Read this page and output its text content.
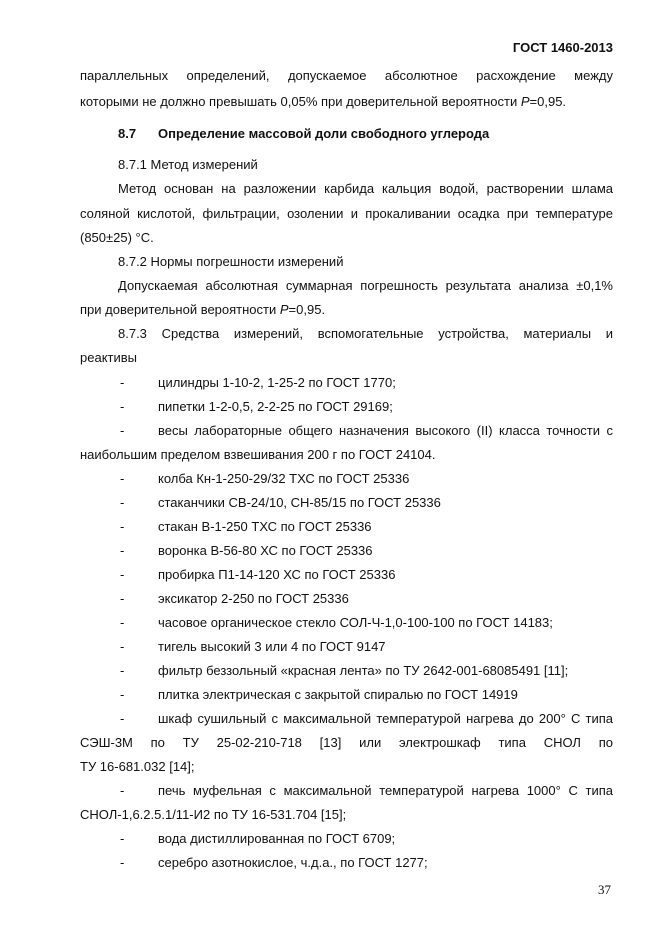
ГОСТ 1460-2013
параллельных определений, допускаемое абсолютное расхождение между
которыми не должно превышать 0,05% при доверительной вероятности P=0,95.
8.7 Определение массовой доли свободного углерода
8.7.1 Метод измерений
Метод основан на разложении карбида кальция водой, растворении шлама
соляной кислотой, фильтрации, озолении и прокаливании осадка при температуре
(850±25) °С.
8.7.2 Нормы погрешности измерений
Допускаемая абсолютная суммарная погрешность результата анализа ±0,1%
при доверительной вероятности P=0,95.
8.7.3 Средства измерений, вспомогательные устройства, материалы и
реактивы
-	цилиндры 1-10-2, 1-25-2 по ГОСТ 1770;
-	пипетки 1-2-0,5, 2-2-25 по ГОСТ 29169;
-	весы лабораторные общего назначения высокого (II) класса точности с
наибольшим пределом взвешивания 200 г по ГОСТ 24104.
-	колба Кн-1-250-29/32 ТХС по ГОСТ 25336
-	стаканчики СВ-24/10, СН-85/15 по ГОСТ 25336
-	стакан В-1-250 ТХС по ГОСТ 25336
-	воронка В-56-80 ХС по ГОСТ 25336
-	пробирка П1-14-120 ХС по ГОСТ 25336
-	эксикатор 2-250 по ГОСТ 25336
-	часовое органическое стекло СОЛ-Ч-1,0-100-100 по ГОСТ 14183;
-	тигель высокий 3 или 4 по ГОСТ 9147
-	фильтр беззольный «красная лента» по ТУ 2642-001-68085491 [11];
-	плитка электрическая с закрытой спиралью по ГОСТ 14919
-	шкаф сушильный с максимальной температурой нагрева до 200° С типа
СЭШ-3М по ТУ 25-02-210-718 [13] или электрошкаф типа СНОЛ по
ТУ 16-681.032 [14];
-	печь муфельная с максимальной температурой нагрева 1000° С типа
СНОЛ-1,6.2.5.1/11-И2 по ТУ 16-531.704 [15];
-	вода дистиллированная по ГОСТ 6709;
-	серебро азотнокислое, ч.д.а., по ГОСТ 1277;
37
